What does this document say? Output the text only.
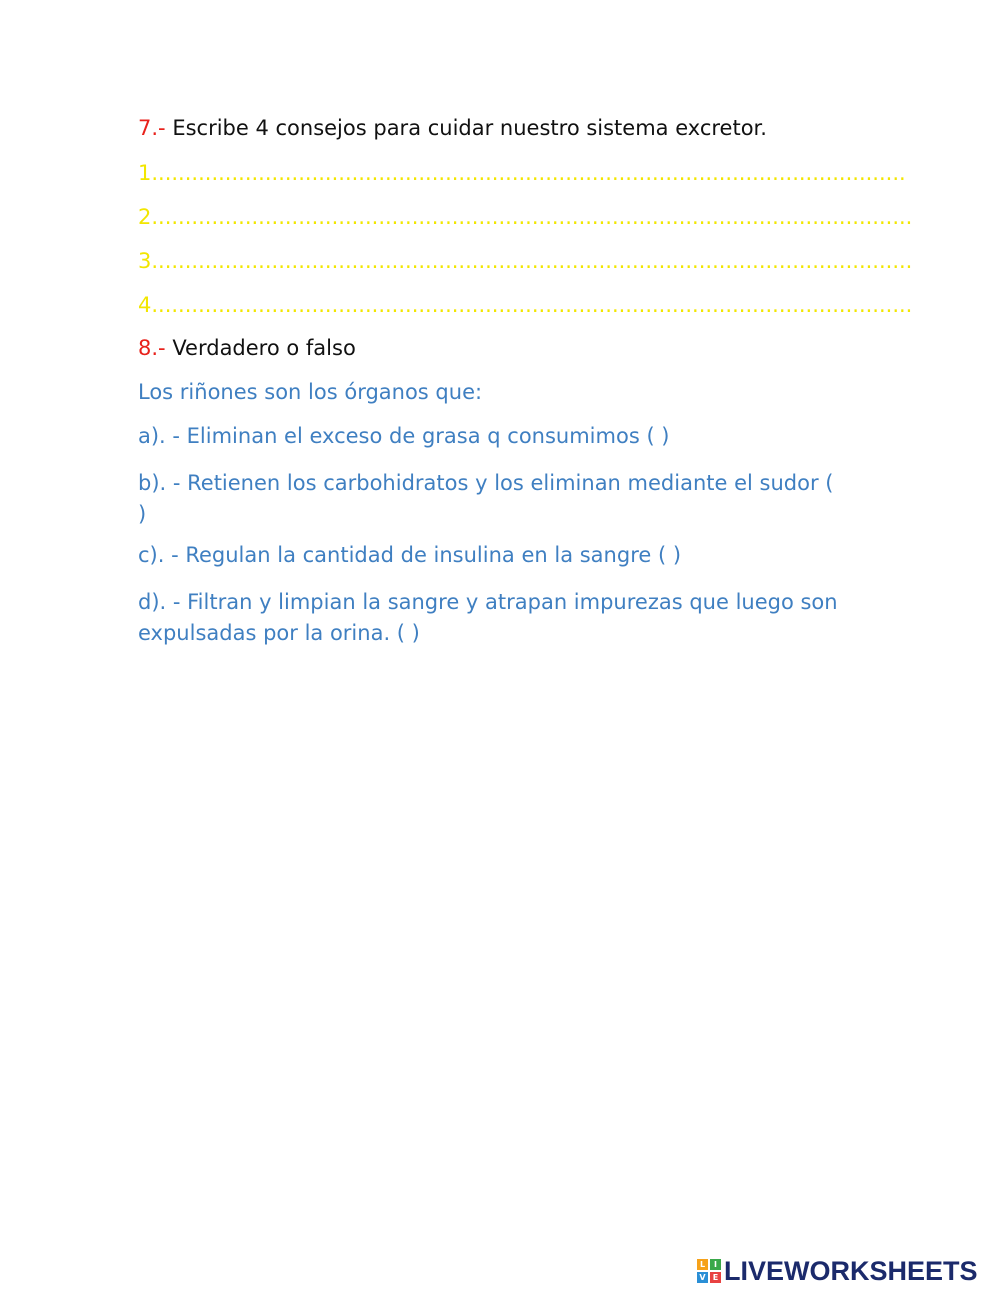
7.- Escribe 4 consejos para cuidar nuestro sistema excretor.
1.................................................................................................................
2..................................................................................................................
3..................................................................................................................
4..................................................................................................................
8.- Verdadero o falso
Los riñones son los órganos que:
a). - Eliminan el exceso de grasa q consumimos ( )
b). - Retienen los carbohidratos y los eliminan mediante el sudor ( )
c). - Regulan la cantidad de insulina en la sangre ( )
d). - Filtran y limpian la sangre y atrapan impurezas que luego son expulsadas por la orina. ( )
L	I
V E LIVEWORKSHEETS
